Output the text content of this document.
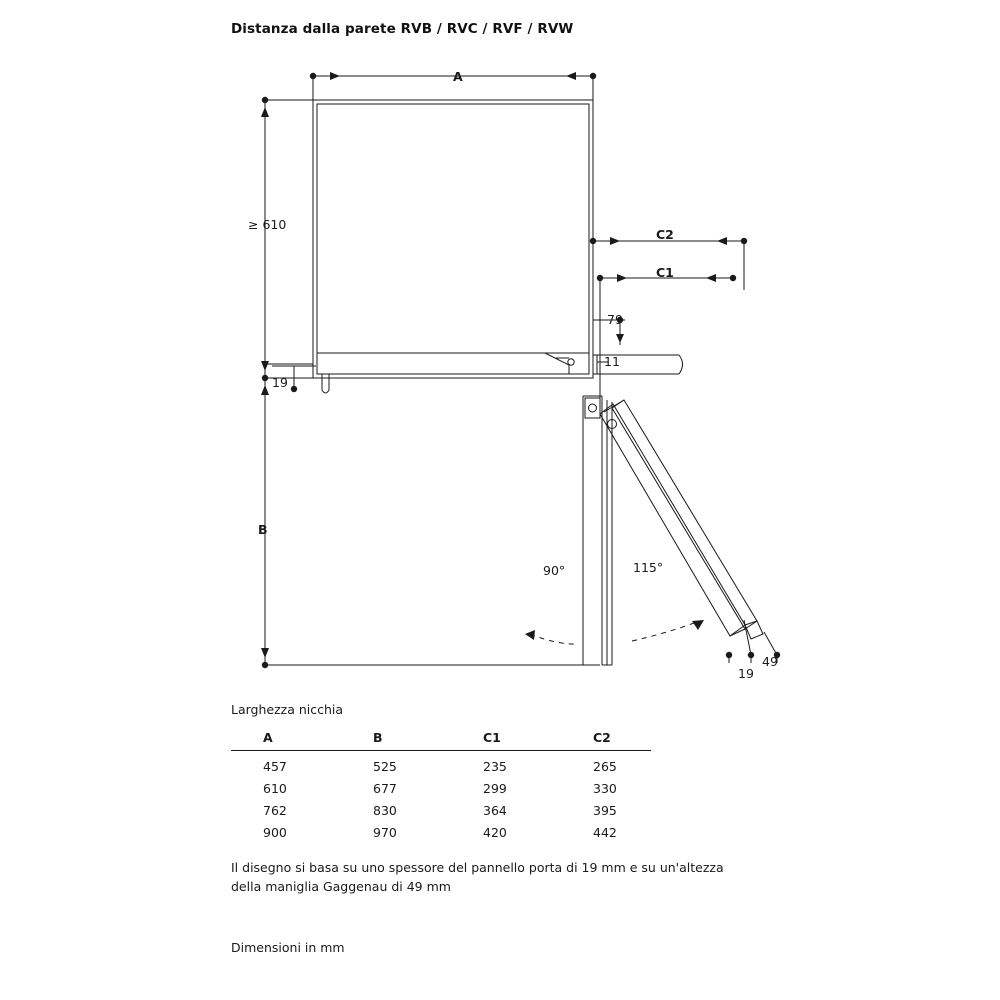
Distanza dalla parete RVB / RVC / RVF / RVW
A
B
C2
C1
≥ 610
79
11
19
19
49
90°	115°
Larghezza nicchia
A	B	C1	C2
457	525	235	265
610	677	299	330
762	830	364	395
900	970	420	442
Il disegno si basa su uno spessore del pannello porta di 19 mm e su un'altezza della maniglia Gaggenau di 49 mm
Dimensioni in mm
